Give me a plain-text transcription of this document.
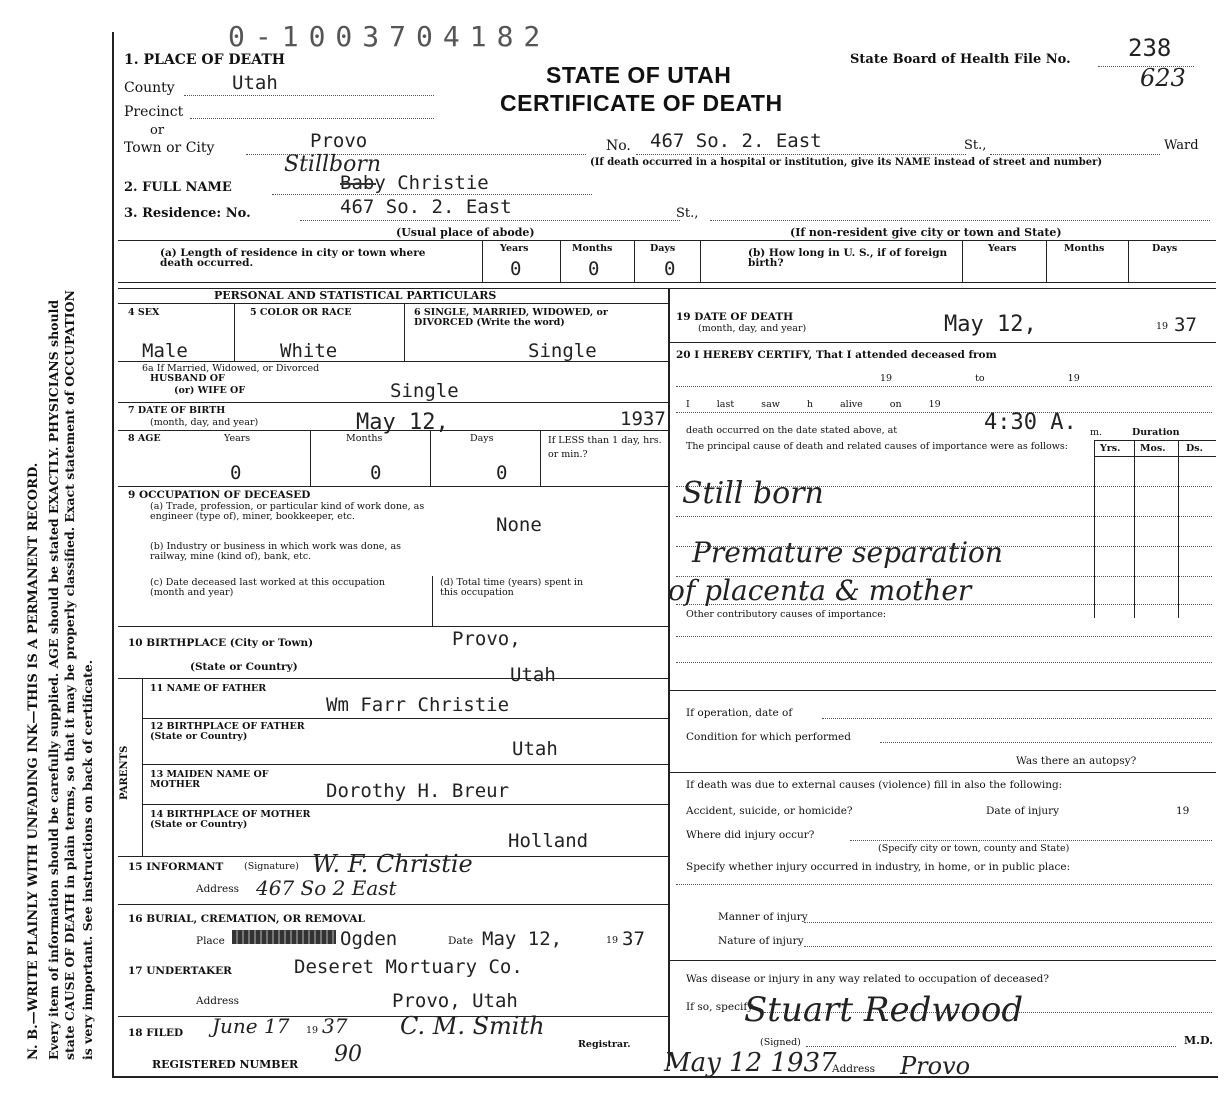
N. B.—WRITE PLAINLY WITH UNFADING INK—THIS IS A PERMANENT RECORD. Every item of information should be carefully supplied. AGE should be stated EXACTLY. PHYSICIANS should state CAUSE OF DEATH in plain terms, so that it may be properly classified. Exact statement of OCCUPATION is very important. See instructions on back of certificate.
0-1003704182
STATE OF UTAH
CERTIFICATE OF DEATH
State Board of Health File No. 238
623
1. PLACE OF DEATH
County	Utah
Precinct
or
Town or City	Provo	No. 467 So. 2. East	St.,	Ward
(If death occurred in a hospital or institution, give its NAME instead of street and number)
2. FULL NAME
Stillborn
Baby Christie
3. Residence: No.	467 So. 2. East	St.,
(Usual place of abode)	(If non-resident give city or town and State)
(a) Length of residence in city or town where death occurred.
Years	Months	Days
0	0	0
(b) How long in U. S., if of foreign birth?
Years	Months	Days
PERSONAL AND STATISTICAL PARTICULARS
4 SEX	5 COLOR OR RACE	6 SINGLE, MARRIED, WIDOWED, or DIVORCED (Write the word)
Male	White	Single
6a If Married, Widowed, or Divorced
HUSBAND OF
(or) WIFE OF	Single
7 DATE OF BIRTH
(month, day, and year)	May 12,	1937
8 AGE	Years	Months	Days	If LESS than 1 day, hrs. or min.?
0	0	0
9 OCCUPATION OF DECEASED
(a) Trade, profession, or particular kind of work done, as engineer (type of), miner, bookkeeper, etc.	None
(b) Industry or business in which work was done, as railway, mine (kind of), bank, etc.
(c) Date deceased last worked at this occupation (month and year)
(d) Total time (years) spent in this occupation
10 BIRTHPLACE (City or Town)	Provo,
(State or Country)	Utah
PARENTS
11 NAME OF FATHER
Wm Farr Christie
12 BIRTHPLACE OF FATHER (State or Country)
Utah
13 MAIDEN NAME OF MOTHER	Dorothy H. Breur
14 BIRTHPLACE OF MOTHER (State or Country)
Holland
15 INFORMANT (Signature) W. F. Christie
Address 467 So 2 East
16 BURIAL, CREMATION, OR REMOVAL
Place	Ogden	Date May 12,	19 37
17 UNDERTAKER	Deseret Mortuary Co.
Address	Provo, Utah
18 FILED June 17 19 37 C. M. Smith
Registrar.
REGISTERED NUMBER 90
19 DATE OF DEATH
(month, day, and year)	May 12,	19 37
20 I HEREBY CERTIFY, That I attended deceased from
19 to 19
I last saw h alive on 19
death occurred on the date stated above, at	4:30 A. m.	Duration
The principal cause of death and related causes of importance were as follows:	Yrs. Mos. Ds.
Still born
Premature separation
of placenta & mother
Other contributory causes of importance:
If operation, date of
Condition for which performed
Was there an autopsy?
If death was due to external causes (violence) fill in also the following:
Accident, suicide, or homicide?	Date of injury	19
Where did injury occur?
(Specify city or town, county and State)
Specify whether injury occurred in industry, in home, or in public place:
Manner of injury
Nature of injury
Was disease or injury in any way related to occupation of deceased?
If so, specify
(Signed)
Stuart Redwood
M.D.
May 12 1937
Address Provo
